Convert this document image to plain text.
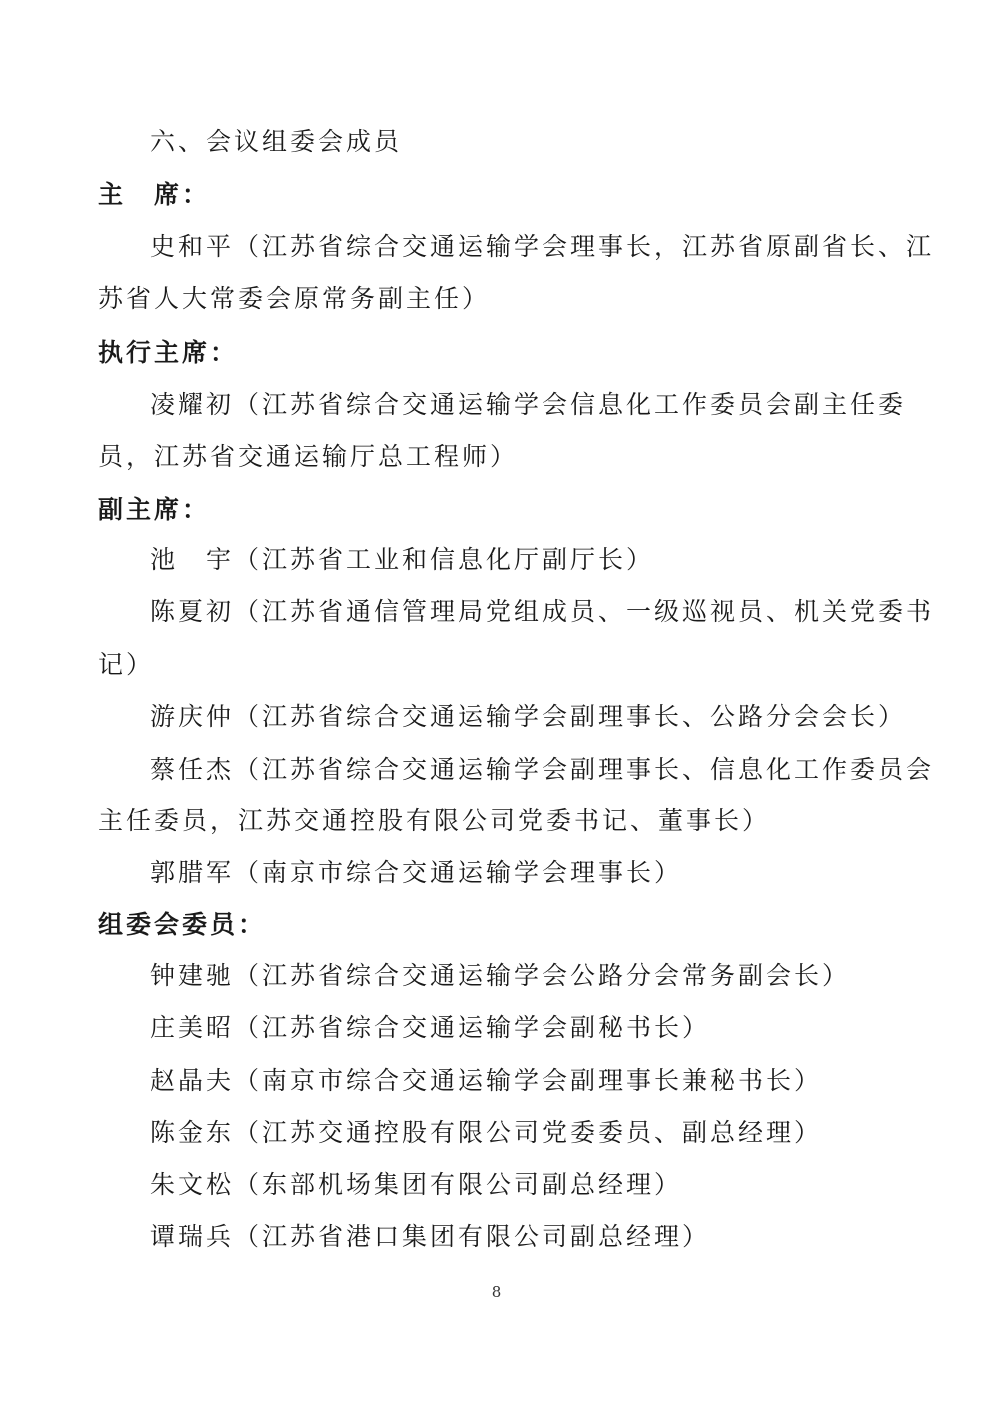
六、会议组委会成员
主　席：
史和平（江苏省综合交通运输学会理事长，江苏省原副省长、江
苏省人大常委会原常务副主任）
执行主席：
凌耀初（江苏省综合交通运输学会信息化工作委员会副主任委
员，江苏省交通运输厅总工程师）
副主席：
池　宇（江苏省工业和信息化厅副厅长）
陈夏初（江苏省通信管理局党组成员、一级巡视员、机关党委书
记）
游庆仲（江苏省综合交通运输学会副理事长、公路分会会长）
蔡任杰（江苏省综合交通运输学会副理事长、信息化工作委员会
主任委员，江苏交通控股有限公司党委书记、董事长）
郭腊军（南京市综合交通运输学会理事长）
组委会委员：
钟建驰（江苏省综合交通运输学会公路分会常务副会长）
庄美昭（江苏省综合交通运输学会副秘书长）
赵晶夫（南京市综合交通运输学会副理事长兼秘书长）
陈金东（江苏交通控股有限公司党委委员、副总经理）
朱文松（东部机场集团有限公司副总经理）
谭瑞兵（江苏省港口集团有限公司副总经理）
8
